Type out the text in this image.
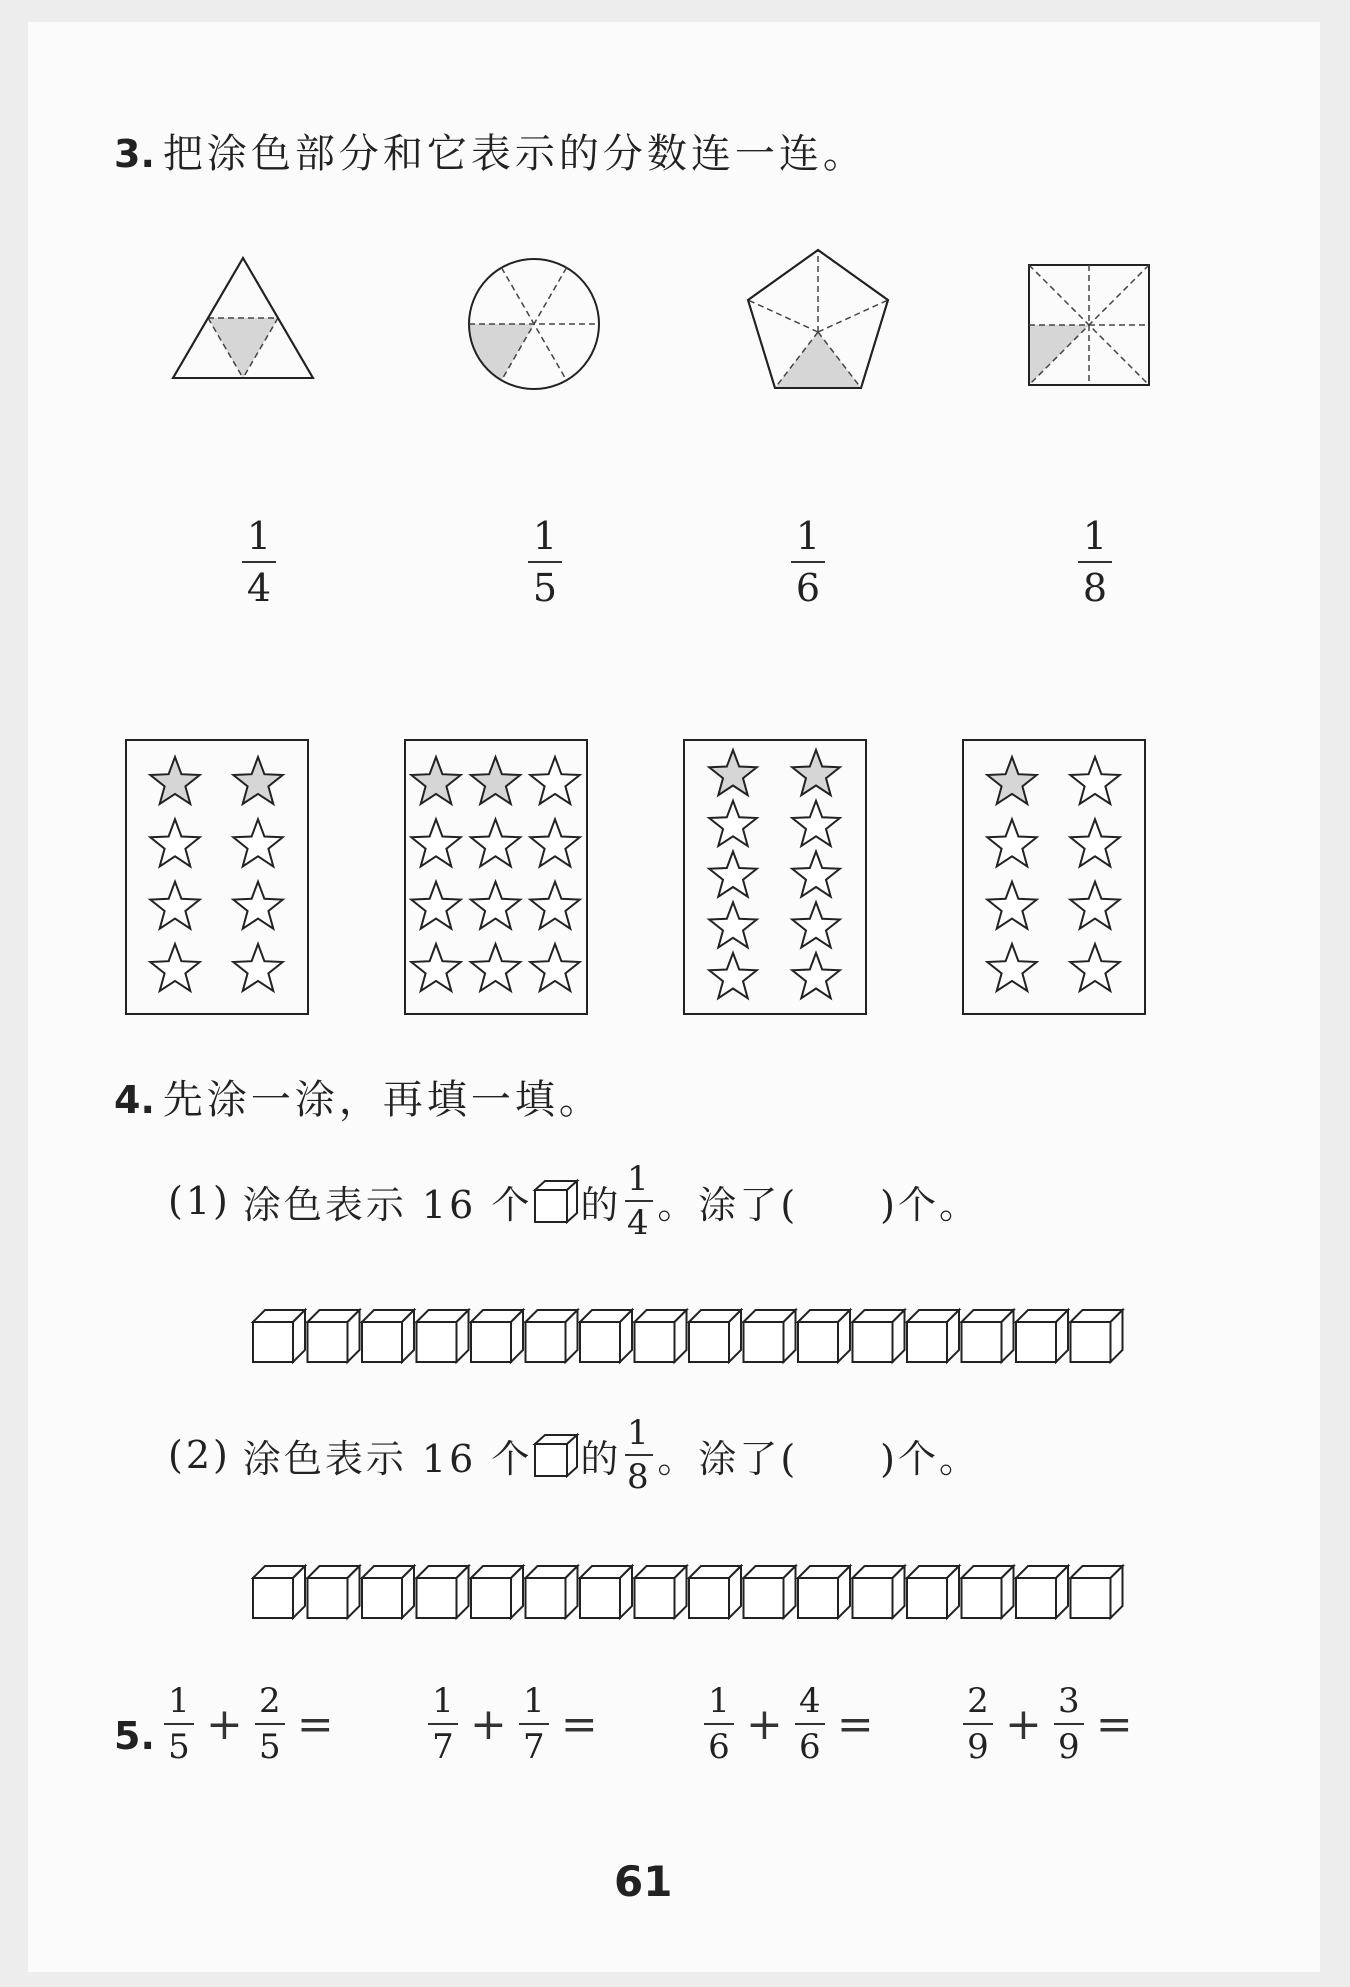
3. 把涂色部分和它表示的分数连一连。
1
4
1
5
1
6
1
8
4. 先涂一涂，再填一填。
(1) 涂色表示 16 个 的
1
4 。涂了(　　)个。
(2) 涂色表示 16 个 的
1
8 。涂了(　　)个。
5. $\frac{1}{5} + \frac{2}{5}$ =	$\frac{1}{7} + \frac{1}{7}$ =	$\frac{1}{6} + \frac{4}{6}$ =	$\frac{2}{9} + \frac{3}{9}$ =
61
